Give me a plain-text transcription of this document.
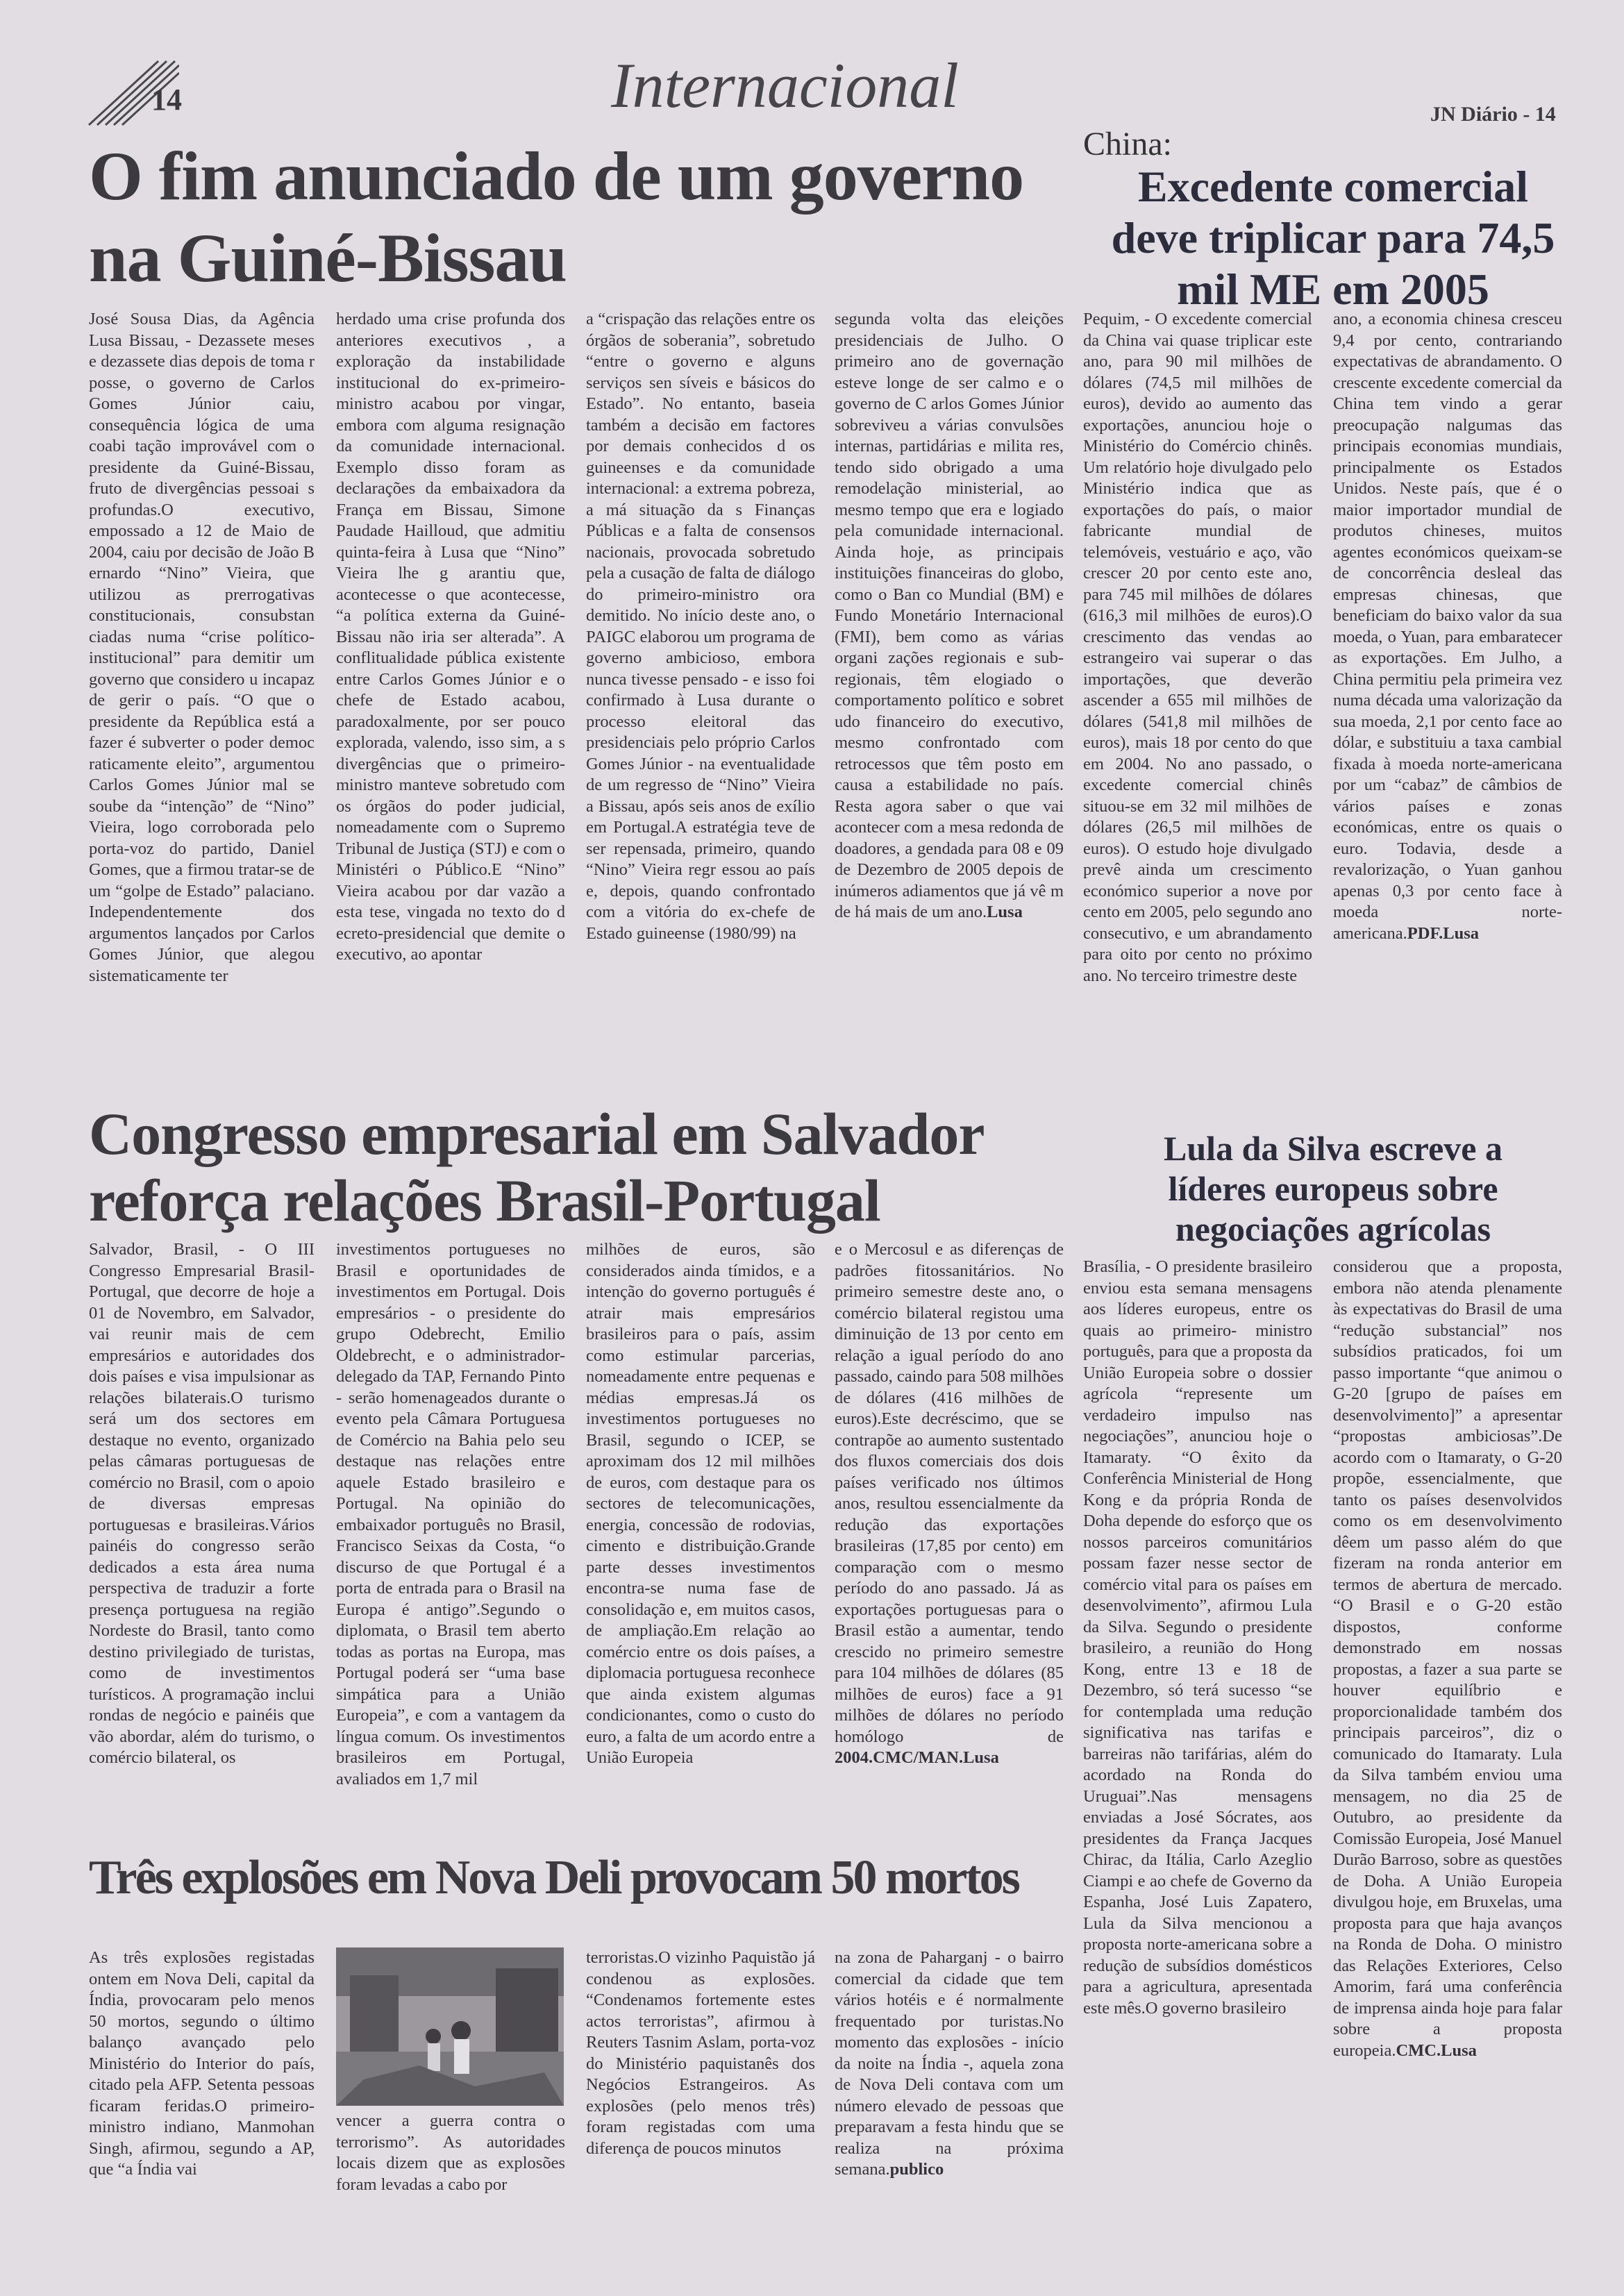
14	Internacional	JN Diário - 14
O fim anunciado de um governo
na Guiné-Bissau
José Sousa Dias, da Agência Lusa Bissau, - Dezassete meses e dezassete dias depois de toma r posse, o governo de Carlos Gomes Júnior caiu, consequência lógica de uma coabi tação improvável com o presidente da Guiné-Bissau, fruto de divergências pessoai s profundas.O executivo, empossado a 12 de Maio de 2004, caiu por decisão de João B ernardo “Nino” Vieira, que utilizou as prerrogativas constitucionais, consubstan ciadas numa “crise político-institucional” para demitir um governo que considero u incapaz de gerir o país. “O que o presidente da República está a fazer é subverter o poder democ raticamente eleito”, argumentou Carlos Gomes Júnior mal se soube da “intenção” de “Nino” Vieira, logo corroborada pelo porta-voz do partido, Daniel Gomes, que a firmou tratar-se de um “golpe de Estado” palaciano. Independentemente dos argumentos lançados por Carlos Gomes Júnior, que alegou sistematicamente ter
herdado uma crise profunda dos anteriores executivos , a exploração da instabilidade institucional do ex-primeiro-ministro acabou por vingar, embora com alguma resignação da comunidade internacional. Exemplo disso foram as declarações da embaixadora da França em Bissau, Simone Paudade Hailloud, que admitiu quinta-feira à Lusa que “Nino” Vieira lhe g arantiu que, acontecesse o que acontecesse, “a política externa da Guiné-Bissau não iria ser alterada”. A conflitualidade pública existente entre Carlos Gomes Júnior e o chefe de Estado acabou, paradoxalmente, por ser pouco explorada, valendo, isso sim, a s divergências que o primeiro-ministro manteve sobretudo com os órgãos do poder judicial, nomeadamente com o Supremo Tribunal de Justiça (STJ) e com o Ministéri o Público.E “Nino” Vieira acabou por dar vazão a esta tese, vingada no texto do d ecreto-presidencial que demite o executivo, ao apontar
a “crispação das relações entre os órgãos de soberania”, sobretudo “entre o governo e alguns serviços sen síveis e básicos do Estado”. No entanto, baseia também a decisão em factores por demais conhecidos d os guineenses e da comunidade internacional: a extrema pobreza, a má situação da s Finanças Públicas e a falta de consensos nacionais, provocada sobretudo pela a cusação de falta de diálogo do primeiro-ministro ora demitido. No início deste ano, o PAIGC elaborou um programa de governo ambicioso, embora nunca tivesse pensado - e isso foi confirmado à Lusa durante o processo eleitoral das presidenciais pelo próprio Carlos Gomes Júnior - na eventualidade de um regresso de “Nino” Vieira a Bissau, após seis anos de exílio em Portugal.A estratégia teve de ser repensada, primeiro, quando “Nino” Vieira regr essou ao país e, depois, quando confrontado com a vitória do ex-chefe de Estado guineense (1980/99) na
segunda volta das eleições presidenciais de Julho. O primeiro ano de governação esteve longe de ser calmo e o governo de C arlos Gomes Júnior sobreviveu a várias convulsões internas, partidárias e milita res, tendo sido obrigado a uma remodelação ministerial, ao mesmo tempo que era e logiado pela comunidade internacional. Ainda hoje, as principais instituições financeiras do globo, como o Ban co Mundial (BM) e Fundo Monetário Internacional (FMI), bem como as várias organi zações regionais e sub-regionais, têm elogiado o comportamento político e sobret udo financeiro do executivo, mesmo confrontado com retrocessos que têm posto em causa a estabilidade no país. Resta agora saber o que vai acontecer com a mesa redonda de doadores, a gendada para 08 e 09 de Dezembro de 2005 depois de inúmeros adiamentos que já vê m de há mais de um ano.Lusa
China:
Excedente comercial
deve triplicar para 74,5
mil ME em 2005
Pequim, - O excedente comercial da China vai quase triplicar este ano, para 90 mil milhões de dólares (74,5 mil milhões de euros), devido ao aumento das exportações, anunciou hoje o Ministério do Comércio chinês. Um relatório hoje divulgado pelo Ministério indica que as exportações do país, o maior fabricante mundial de telemóveis, vestuário e aço, vão crescer 20 por cento este ano, para 745 mil milhões de dólares (616,3 mil milhões de euros).O crescimento das vendas ao estrangeiro vai superar o das importações, que deverão ascender a 655 mil milhões de dólares (541,8 mil milhões de euros), mais 18 por cento do que em 2004. No ano passado, o excedente comercial chinês situou-se em 32 mil milhões de dólares (26,5 mil milhões de euros). O estudo hoje divulgado prevê ainda um crescimento económico superior a nove por cento em 2005, pelo segundo ano consecutivo, e um abrandamento para oito por cento no próximo ano. No terceiro trimestre deste
ano, a economia chinesa cresceu 9,4 por cento, contrariando expectativas de abrandamento. O crescente excedente comercial da China tem vindo a gerar preocupação nalgumas das principais economias mundiais, principalmente os Estados Unidos. Neste país, que é o maior importador mundial de produtos chineses, muitos agentes económicos queixam-se de concorrência desleal das empresas chinesas, que beneficiam do baixo valor da sua moeda, o Yuan, para embaratecer as exportações. Em Julho, a China permitiu pela primeira vez numa década uma valorização da sua moeda, 2,1 por cento face ao dólar, e substituiu a taxa cambial fixada à moeda norte-americana por um “cabaz” de câmbios de vários países e zonas económicas, entre os quais o euro. Todavia, desde a revalorização, o Yuan ganhou apenas 0,3 por cento face à moeda norte-americana.PDF.Lusa
Congresso empresarial em Salvador
reforça relações Brasil-Portugal
Salvador, Brasil, - O III Congresso Empresarial Brasil-Portugal, que decorre de hoje a 01 de Novembro, em Salvador, vai reunir mais de cem empresários e autoridades dos dois países e visa impulsionar as relações bilaterais.O turismo será um dos sectores em destaque no evento, organizado pelas câmaras portuguesas de comércio no Brasil, com o apoio de diversas empresas portuguesas e brasileiras.Vários painéis do congresso serão dedicados a esta área numa perspectiva de traduzir a forte presença portuguesa na região Nordeste do Brasil, tanto como destino privilegiado de turistas, como de investimentos turísticos. A programação inclui rondas de negócio e painéis que vão abordar, além do turismo, o comércio bilateral, os
investimentos portugueses no Brasil e oportunidades de investimentos em Portugal. Dois empresários - o presidente do grupo Odebrecht, Emilio Oldebrecht, e o administrador-delegado da TAP, Fernando Pinto - serão homenageados durante o evento pela Câmara Portuguesa de Comércio na Bahia pelo seu destaque nas relações entre aquele Estado brasileiro e Portugal. Na opinião do embaixador português no Brasil, Francisco Seixas da Costa, “o discurso de que Portugal é a porta de entrada para o Brasil na Europa é antigo”.Segundo o diplomata, o Brasil tem aberto todas as portas na Europa, mas Portugal poderá ser “uma base simpática para a União Europeia”, e com a vantagem da língua comum. Os investimentos brasileiros em Portugal, avaliados em 1,7 mil
milhões de euros, são considerados ainda tímidos, e a intenção do governo português é atrair mais empresários brasileiros para o país, assim como estimular parcerias, nomeadamente entre pequenas e médias empresas.Já os investimentos portugueses no Brasil, segundo o ICEP, se aproximam dos 12 mil milhões de euros, com destaque para os sectores de telecomunicações, energia, concessão de rodovias, cimento e distribuição.Grande parte desses investimentos encontra-se numa fase de consolidação e, em muitos casos, de ampliação.Em relação ao comércio entre os dois países, a diplomacia portuguesa reconhece que ainda existem algumas condicionantes, como o custo do euro, a falta de um acordo entre a União Europeia
e o Mercosul e as diferenças de padrões fitossanitários. No primeiro semestre deste ano, o comércio bilateral registou uma diminuição de 13 por cento em relação a igual período do ano passado, caindo para 508 milhões de dólares (416 milhões de euros).Este decréscimo, que se contrapõe ao aumento sustentado dos fluxos comerciais dos dois países verificado nos últimos anos, resultou essencialmente da redução das exportações brasileiras (17,85 por cento) em comparação com o mesmo período do ano passado. Já as exportações portuguesas para o Brasil estão a aumentar, tendo crescido no primeiro semestre para 104 milhões de dólares (85 milhões de euros) face a 91 milhões de dólares no período homólogo de 2004.CMC/MAN.Lusa
Lula da Silva escreve a
líderes europeus sobre
negociações agrícolas
Brasília, - O presidente brasileiro enviou esta semana mensagens aos líderes europeus, entre os quais ao primeiro- ministro português, para que a proposta da União Europeia sobre o dossier agrícola “represente um verdadeiro impulso nas negociações”, anunciou hoje o Itamaraty. “O êxito da Conferência Ministerial de Hong Kong e da própria Ronda de Doha depende do esforço que os nossos parceiros comunitários possam fazer nesse sector de comércio vital para os países em desenvolvimento”, afirmou Lula da Silva. Segundo o presidente brasileiro, a reunião do Hong Kong, entre 13 e 18 de Dezembro, só terá sucesso “se for contemplada uma redução significativa nas tarifas e barreiras não tarifárias, além do acordado na Ronda do Uruguai”.Nas mensagens enviadas a José Sócrates, aos presidentes da França Jacques Chirac, da Itália, Carlo Azeglio Ciampi e ao chefe de Governo da Espanha, José Luis Zapatero, Lula da Silva mencionou a proposta norte-americana sobre a redução de subsídios domésticos para a agricultura, apresentada este mês.O governo brasileiro
considerou que a proposta, embora não atenda plenamente às expectativas do Brasil de uma “redução substancial” nos subsídios praticados, foi um passo importante “que animou o G-20 [grupo de países em desenvolvimento]” a apresentar “propostas ambiciosas”.De acordo com o Itamaraty, o G-20 propõe, essencialmente, que tanto os países desenvolvidos como os em desenvolvimento dêem um passo além do que fizeram na ronda anterior em termos de abertura de mercado. “O Brasil e o G-20 estão dispostos, conforme demonstrado em nossas propostas, a fazer a sua parte se houver equilíbrio e proporcionalidade também dos principais parceiros”, diz o comunicado do Itamaraty. Lula da Silva também enviou uma mensagem, no dia 25 de Outubro, ao presidente da Comissão Europeia, José Manuel Durão Barroso, sobre as questões de Doha. A União Europeia divulgou hoje, em Bruxelas, uma proposta para que haja avanços na Ronda de Doha. O ministro das Relações Exteriores, Celso Amorim, fará uma conferência de imprensa ainda hoje para falar sobre a proposta europeia.CMC.Lusa
Três explosões em Nova Deli provocam 50 mortos
As três explosões registadas ontem em Nova Deli, capital da Índia, provocaram pelo menos 50 mortos, segundo o último balanço avançado pelo Ministério do Interior do país, citado pela AFP. Setenta pessoas ficaram feridas.O primeiro-ministro indiano, Manmohan Singh, afirmou, segundo a AP, que “a Índia vai
vencer a guerra contra o terrorismo”. As autoridades locais dizem que as explosões foram levadas a cabo por
terroristas.O vizinho Paquistão já condenou as explosões. “Condenamos fortemente estes actos terroristas”, afirmou à Reuters Tasnim Aslam, porta-voz do Ministério paquistanês dos Negócios Estrangeiros. As explosões (pelo menos três) foram registadas com uma diferença de poucos minutos
na zona de Paharganj - o bairro comercial da cidade que tem vários hotéis e é normalmente frequentado por turistas.No momento das explosões - início da noite na Índia -, aquela zona de Nova Deli contava com um número elevado de pessoas que preparavam a festa hindu que se realiza na próxima semana.publico
